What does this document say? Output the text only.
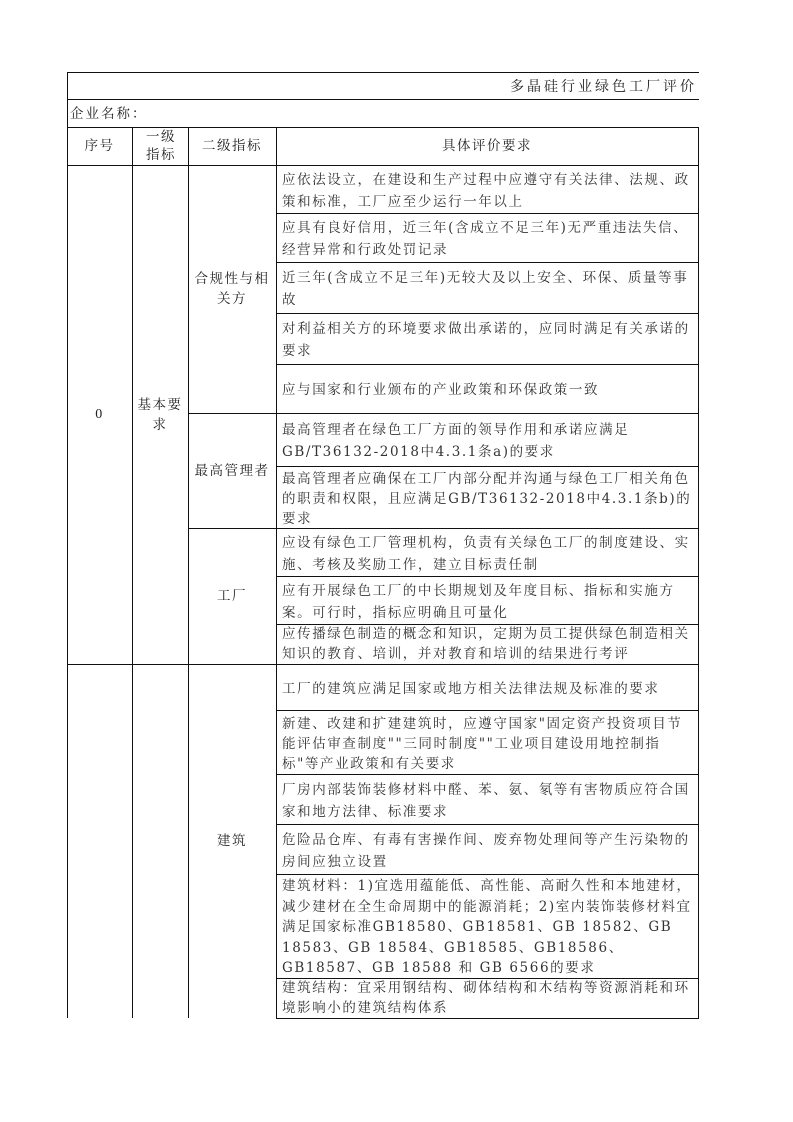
多晶硅行业绿色工厂评价
企业名称：
序号
一级指标
二级指标	具体评价要求
0
基本要求
合规性与相关方
应依法设立，在建设和生产过程中应遵守有关法律、法规、政策和标准，工厂应至少运行一年以上
应具有良好信用，近三年(含成立不足三年)无严重违法失信、经营异常和行政处罚记录
近三年(含成立不足三年)无较大及以上安全、环保、质量等事故
对利益相关方的环境要求做出承诺的，应同时满足有关承诺的要求
应与国家和行业颁布的产业政策和环保政策一致
最高管理者
最高管理者在绿色工厂方面的领导作用和承诺应满足GB/T36132-2018中4.3.1条a)的要求
最高管理者应确保在工厂内部分配并沟通与绿色工厂相关角色的职责和权限，且应满足GB/T36132-2018中4.3.1条b)的要求
工厂
应设有绿色工厂管理机构，负责有关绿色工厂的制度建设、实施、考核及奖励工作，建立目标责任制
应有开展绿色工厂的中长期规划及年度目标、指标和实施方案。可行时，指标应明确且可量化
应传播绿色制造的概念和知识，定期为员工提供绿色制造相关知识的教育、培训，并对教育和培训的结果进行考评
建筑
工厂的建筑应满足国家或地方相关法律法规及标准的要求
新建、改建和扩建建筑时，应遵守国家"固定资产投资项目节能评估审查制度""三同时制度""工业项目建设用地控制指标"等产业政策和有关要求
厂房内部装饰装修材料中醛、苯、氨、氡等有害物质应符合国家和地方法律、标准要求
危险品仓库、有毒有害操作间、废弃物处理间等产生污染物的房间应独立设置
建筑材料：1)宜选用蕴能低、高性能、高耐久性和本地建材，减少建材在全生命周期中的能源消耗；2)室内装饰装修材料宜满足国家标准GB18580、GB18581、GB 18582、GB 18583、GB 18584、GB18585、GB18586、GB18587、GB 18588 和 GB 6566的要求
建筑结构：宜采用钢结构、砌体结构和木结构等资源消耗和环境影响小的建筑结构体系
